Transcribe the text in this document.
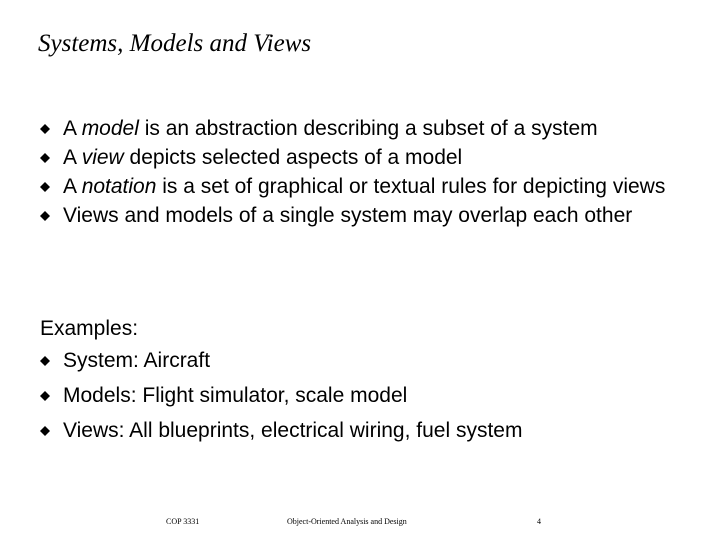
Systems, Models and Views
A model is an abstraction describing a subset of a system
A view depicts selected aspects of a model
A notation is a set of graphical or textual rules for depicting views
Views and models of a single system may overlap each other
Examples:
System: Aircraft
Models: Flight simulator, scale model
Views: All blueprints, electrical wiring, fuel system
COP 3331	Object-Oriented Analysis and Design	4
